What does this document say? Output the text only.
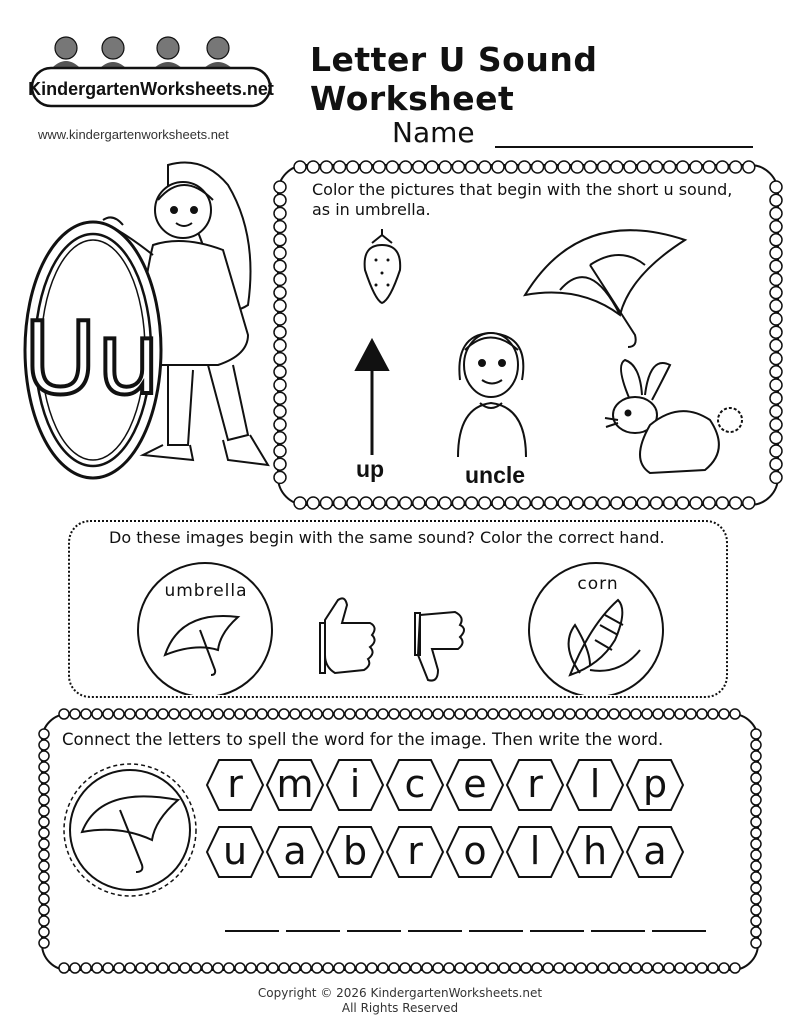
KindergartenWorksheets.net
www.kindergartenworksheets.net
Letter U Sound Worksheet
Name
Uu
Color the pictures that begin with the short u sound,
as in umbrella.
up	uncle
Do these images begin with the same sound? Color the correct hand.
umbrella	corn
Connect the letters to spell the word for the image. Then write the word.
r m i	c e	r	l	p
u a b	r	o	l	h a
Copyright © 2026 KindergartenWorksheets.net
All Rights Reserved
